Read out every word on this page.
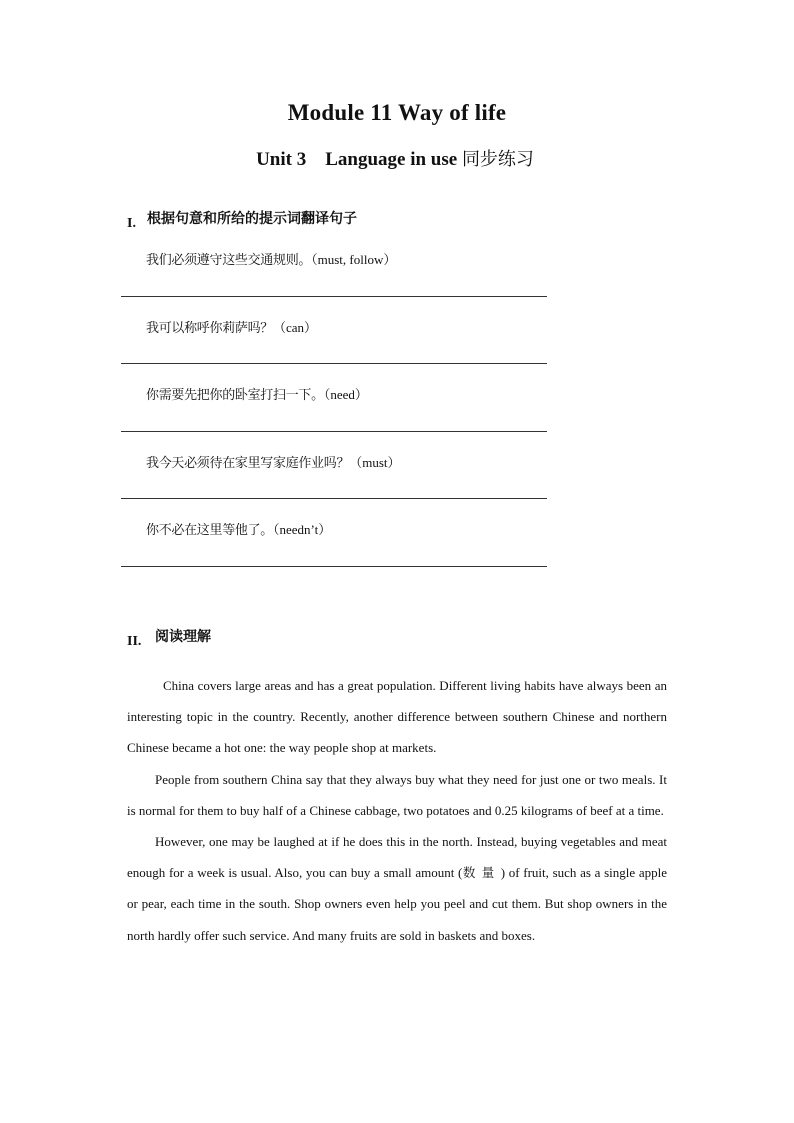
Module 11 Way of life
Unit 3    Language in use 同步练习
I. 根据句意和所给的提示词翻译句子
我们必须遵守这些交通规则。（must, follow）
我可以称呼你莉萨吗？（can）
你需要先把你的卧室打扫一下。（need）
我今天必须待在家里写家庭作业吗？（must）
你不必在这里等他了。（needn’t）
II. 阅读理解

China covers large areas and has a great population. Different living habits have always been an interesting topic in the country. Recently, another difference between southern Chinese and northern Chinese became a hot one: the way people shop at markets.

People from southern China say that they always buy what they need for just one or two meals. It is normal for them to buy half of a Chinese cabbage, two potatoes and 0.25 kilograms of beef at a time.

However, one may be laughed at if he does this in the north. Instead, buying vegetables and meat enough for a week is usual. Also, you can buy a small amount (数量) of fruit, such as a single apple or pear, each time in the south. Shop owners even help you peel and cut them. But shop owners in the north hardly offer such service. And many fruits are sold in baskets and boxes.
